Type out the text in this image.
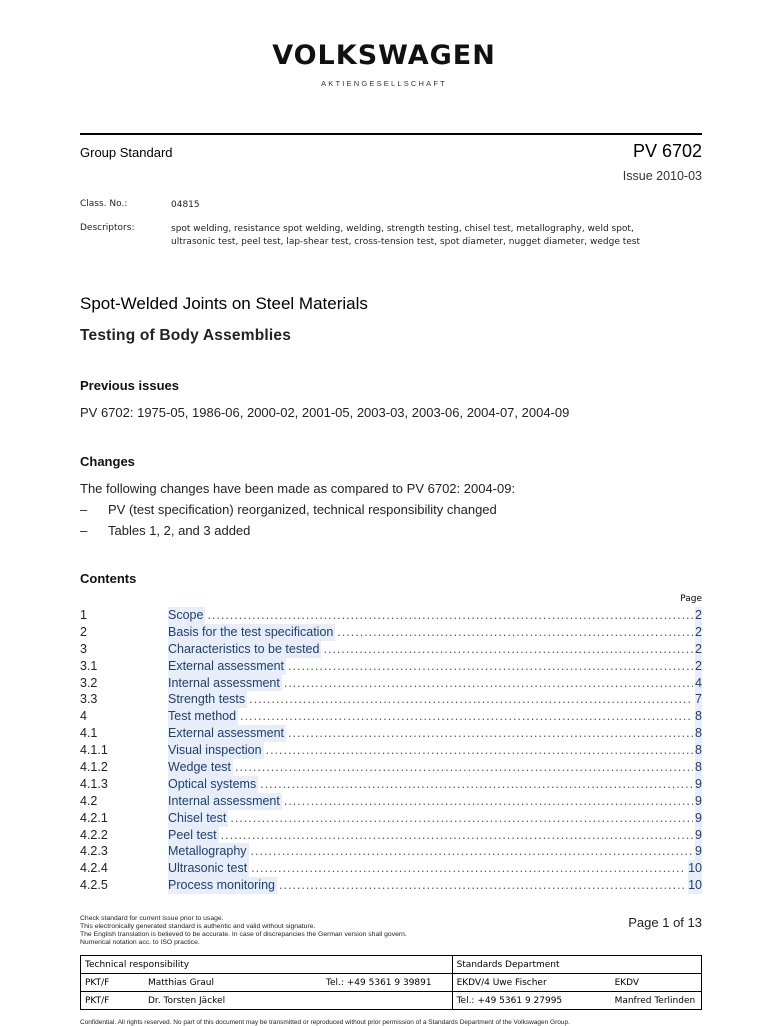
VOLKSWAGEN
AKTIENGESELLSCHAFT
Group Standard	PV 6702
Issue 2010-03
Class. No.:	04815
Descriptors:	spot welding, resistance spot welding, welding, strength testing, chisel test, metallography, weld spot,
ultrasonic test, peel test, lap-shear test, cross-tension test, spot diameter, nugget diameter, wedge test
Spot-Welded Joints on Steel Materials
Testing of Body Assemblies
Previous issues
PV 6702: 1975-05, 1986-06, 2000-02, 2001-05, 2003-03, 2003-06, 2004-07, 2004-09
Changes
The following changes have been made as compared to PV 6702: 2004-09:
– PV (test specification) reorganized, technical responsibility changed
– Tables 1, 2, and 3 added
Contents
Page
1	Scope .....	2
2	Basis for the test specification .....	2
3	Characteristics to be tested .....	2
3.1	External assessment .....	2
3.2	Internal assessment .....	4
3.3	Strength tests .....	7
4	Test method .....	8
4.1	External assessment .....	8
4.1.1	Visual inspection .....	8
4.1.2	Wedge test .....	8
4.1.3	Optical systems .....	9
4.2	Internal assessment .....	9
4.2.1	Chisel test .....	9
4.2.2	Peel test .....	9
4.2.3	Metallography .....	9
4.2.4	Ultrasonic test .....	10
4.2.5	Process monitoring .....	10
Check standard for current issue prior to usage.
This electronically generated standard is authentic and valid without signature.
The English translation is believed to be accurate. In case of discrepancies the German version shall govern.
Numerical notation acc. to ISO practice.
Page 1 of 13
Technical responsibility			Standards Department	
PKT/F	Matthias Graul	Tel.: +49 5361 9 39891	EKDV/4 Uwe Fischer	EKDV
PKT/F	Dr. Torsten Jäckel		Tel.: +49 5361 9 27995	Manfred Terlinden
Confidential. All rights reserved. No part of this document may be transmitted or reproduced without prior permission of a Standards Department of the Volkswagen Group.
